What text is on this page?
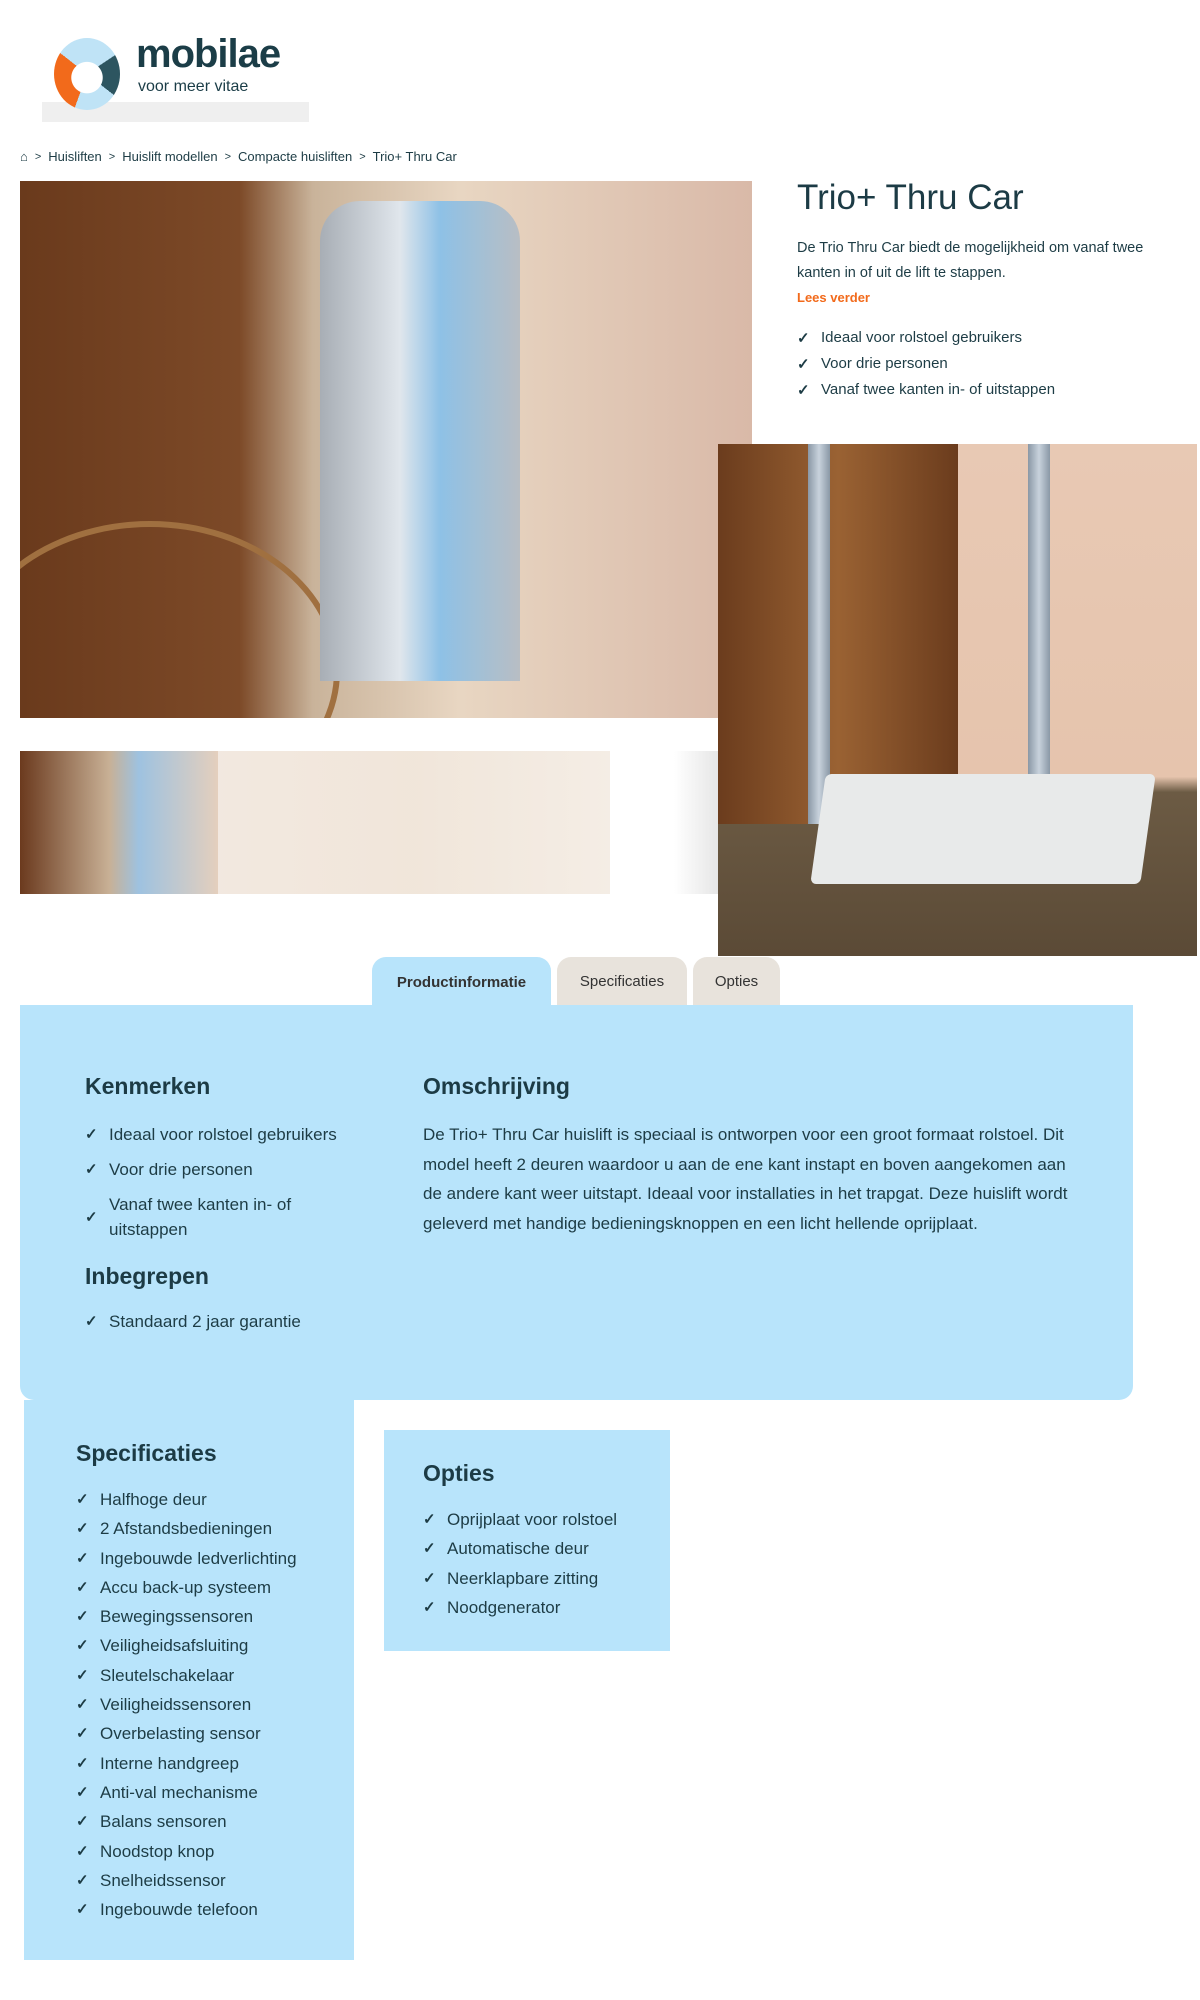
mobilae
voor meer vitae
⌂ > Huisliften > Huislift modellen > Compacte huisliften > Trio+ Thru Car
Trio+ Thru Car

De Trio Thru Car biedt de mogelijkheid om vanaf twee kanten in of uit de lift te stappen.

Lees verder
✓ Ideaal voor rolstoel gebruikers
✓ Voor drie personen
✓ Vanaf twee kanten in- of uitstappen
Productinformatie	Specificaties	Opties
Kenmerken
✓ Ideaal voor rolstoel gebruikers
✓ Voor drie personen
✓
Vanaf twee kanten in- of uitstappen
Inbegrepen
✓ Standaard 2 jaar garantie
Omschrijving

De Trio+ Thru Car huislift is speciaal is ontworpen voor een groot formaat rolstoel. Dit model heeft 2 deuren waardoor u aan de ene kant instapt en boven aangekomen aan de andere kant weer uitstapt. Ideaal voor installaties in het trapgat. Deze huislift wordt geleverd met handige bedieningsknoppen en een licht hellende oprijplaat.

Specificaties
✓ Halfhoge deur
✓ 2 Afstandsbedieningen
✓ Ingebouwde ledverlichting
✓ Accu back-up systeem
✓ Bewegingssensoren
✓ Veiligheidsafsluiting
✓ Sleutelschakelaar
✓ Veiligheidssensoren
✓ Overbelasting sensor
✓ Interne handgreep
✓ Anti-val mechanisme
✓ Balans sensoren
✓ Noodstop knop
✓ Snelheidssensor
✓ Ingebouwde telefoon
Opties
✓ Oprijplaat voor rolstoel
✓ Automatische deur
✓ Neerklapbare zitting
✓ Noodgenerator
